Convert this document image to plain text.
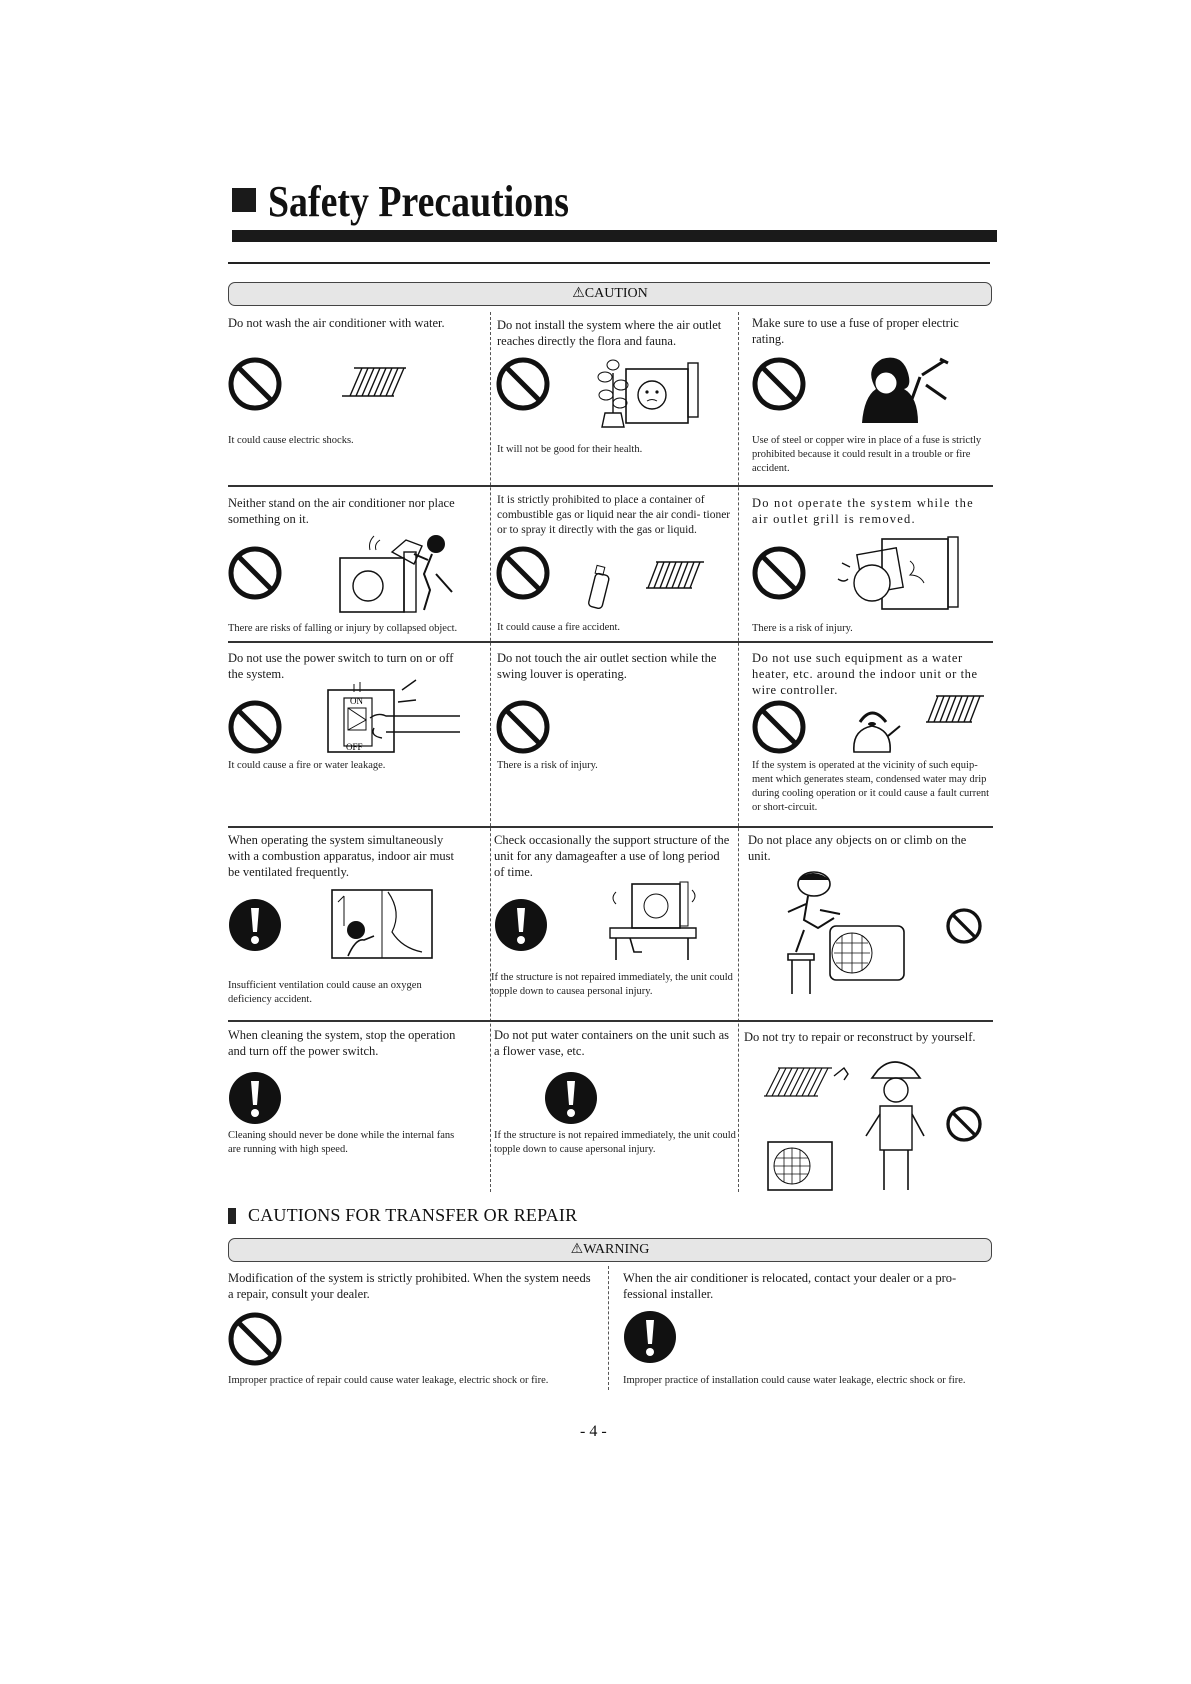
Safety Precautions
⚠CAUTION
Do not wash the air conditioner with water.
It could cause electric shocks.
Do not install the system where the air outlet reaches directly the flora and fauna.
It will not be good for their health.
Make sure to use a fuse of proper electric rating.
Use of steel or copper wire in place of a fuse is strictly prohibited because it could result in a trouble or fire accident.
Neither stand on the air conditioner nor place something on it.
There are risks of falling or injury by collapsed object.
It is strictly prohibited to place a container of combustible gas or liquid near the air condi- tioner or to spray it directly with the gas or liquid.
It could cause a fire accident.
Do not operate the system while the air outlet grill is removed.
There is a risk of injury.
Do not use the power switch to turn on or off the system.
ON
OFF
It could cause a fire or water leakage.
Do not touch the air outlet section while the swing louver is operating.
There is a risk of injury.
Do not use such equipment as a water heater, etc. around the indoor unit or the wire controller.
If the system is operated at the vicinity of such equip- ment which generates steam, condensed water may drip during cooling operation or it could cause a fault current or short-circuit.
When operating the system simultaneously with a combustion apparatus, indoor air must be ventilated frequently.
Insufficient ventilation could cause an oxygen deficiency accident.
Check occasionally the support structure of the unit for any damageafter a use of long period of time.
If the structure is not repaired immediately, the unit could topple down to causea personal injury.
Do not place any objects on or climb on the unit.
When cleaning the system, stop the operation and turn off the power switch.
Cleaning should never be done while the internal fans are running with high speed.
Do not put water containers on the unit such as a flower vase, etc.
If the structure is not repaired immediately, the unit could topple down to cause apersonal injury.
Do not try to repair or reconstruct by yourself.
CAUTIONS FOR TRANSFER OR REPAIR
⚠WARNING
Modification of the system is strictly prohibited. When the system needs a repair, consult your dealer.
Improper practice of repair could cause water leakage, electric shock or fire.
When the air conditioner is relocated, contact your dealer or a pro- fessional installer.
Improper practice of installation could cause water leakage, electric shock or fire.
- 4 -
